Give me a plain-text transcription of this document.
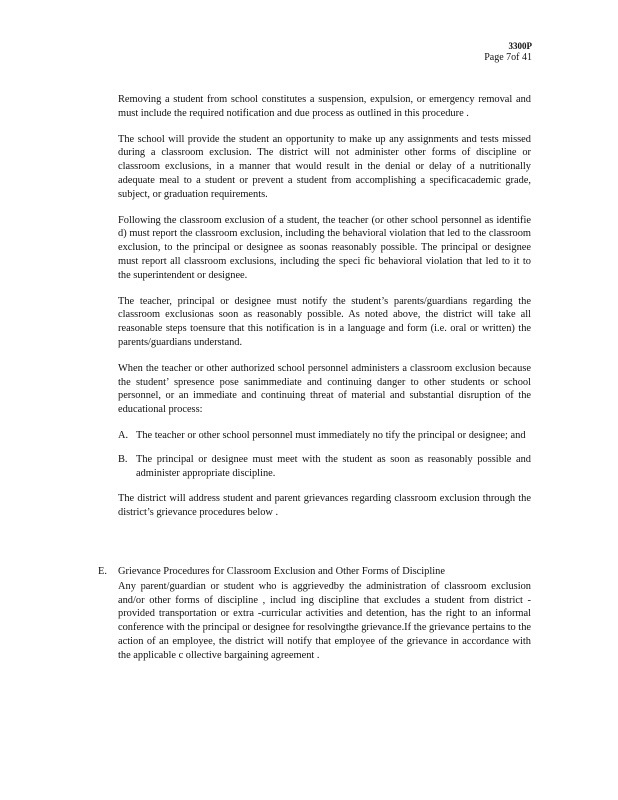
3300P
Page 7of 41

Removing a student from school constitutes a suspension, expulsion, or emergency removal and must include the required notification and due process as outlined in this procedure .

The school will provide the student an opportunity to make up any assignments and tests missed during a classroom exclusion. The district will not administer other forms of discipline or classroom exclusions, in a manner that would result in the denial or delay of a nutritionally adequate meal to a student or prevent a student from accomplishing a specificacademic grade, subject, or graduation requirements.

Following the classroom exclusion of a student, the teacher (or other school personnel as identifie d) must report the classroom exclusion, including the behavioral violation that led to the classroom exclusion, to the principal or designee as soonas reasonably possible. The principal or designee must report all classroom exclusions, including the speci fic behavioral violation that led to it to the superintendent or designee.

The teacher, principal or designee must notify the student’s parents/guardians regarding the classroom exclusionas soon as reasonably possible. As noted above, the district will take all reasonable steps toensure that this notification is in a language and form (i.e. oral or written) the parents/guardians understand.

When the teacher or other authorized school personnel administers a classroom exclusion because the student’ spresence pose sanimmediate and continuing danger to other students or school personnel, or an immediate and continuing threat of material and substantial disruption of the educational process:

A. The teacher or other school personnel must immediately no tify the principal or designee; and
B. The principal or designee must meet with the student as soon as reasonably possible and administer appropriate discipline.

The district will address student and parent grievances regarding classroom exclusion through the district’s grievance procedures below .

E. Grievance Procedures for Classroom Exclusion and Other Forms of Discipline

Any parent/guardian or student who is aggrievedby the administration of classroom exclusion and/or other forms of discipline , includ ing discipline that excludes a student from district -provided transportation or extra -curricular activities and detention, has the right to an informal conference with the principal or designee for resolvingthe grievance.If the grievance pertains to the action of an employee, the district will notify that employee of the grievance in accordance with the applicable c ollective bargaining agreement .
